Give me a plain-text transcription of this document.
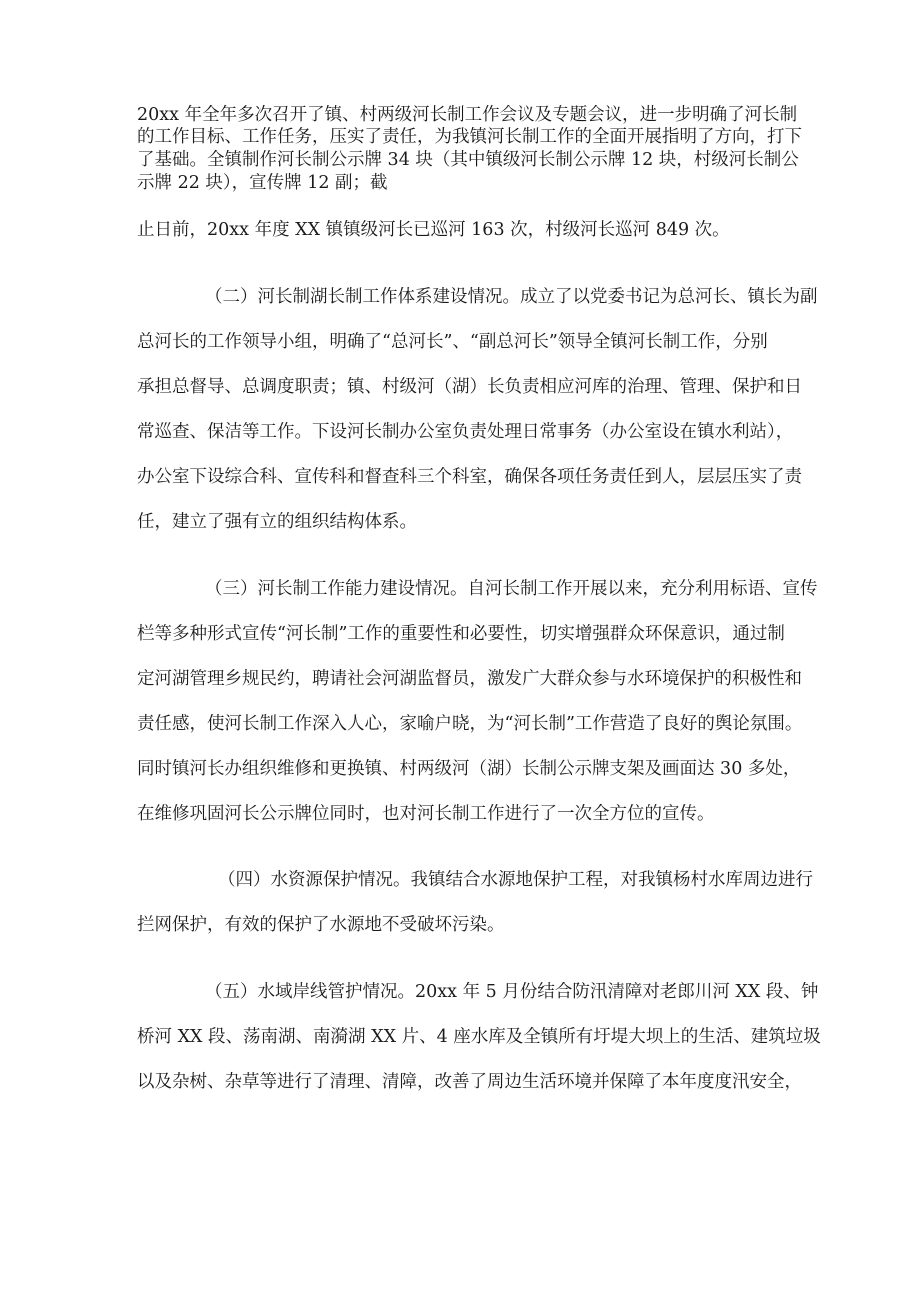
20xx 年全年多次召开了镇、村两级河长制工作会议及专题会议，进一步明确了河长制
的工作目标、工作任务，压实了责任，为我镇河长制工作的全面开展指明了方向，打下
了基础。全镇制作河长制公示牌 34 块（其中镇级河长制公示牌 12 块，村级河长制公
示牌 22 块），宣传牌 12 副；截
止日前，20xx 年度 XX 镇镇级河长已巡河 163 次，村级河长巡河 849 次。
（二）河长制湖长制工作体系建设情况。成立了以党委书记为总河长、镇长为副
总河长的工作领导小组，明确了“总河长”、“副总河长”领导全镇河长制工作，分别
承担总督导、总调度职责；镇、村级河（湖）长负责相应河库的治理、管理、保护和日
常巡查、保洁等工作。下设河长制办公室负责处理日常事务（办公室设在镇水利站），
办公室下设综合科、宣传科和督查科三个科室，确保各项任务责任到人，层层压实了责
任，建立了强有立的组织结构体系。
（三）河长制工作能力建设情况。自河长制工作开展以来，充分利用标语、宣传
栏等多种形式宣传“河长制”工作的重要性和必要性，切实增强群众环保意识，通过制
定河湖管理乡规民约，聘请社会河湖监督员，激发广大群众参与水环境保护的积极性和
责任感，使河长制工作深入人心，家喻户晓，为“河长制”工作营造了良好的舆论氛围。
同时镇河长办组织维修和更换镇、村两级河（湖）长制公示牌支架及画面达 30 多处，
在维修巩固河长公示牌位同时，也对河长制工作进行了一次全方位的宣传。
（四）水资源保护情况。我镇结合水源地保护工程，对我镇杨村水库周边进行
拦网保护，有效的保护了水源地不受破坏污染。
（五）水域岸线管护情况。20xx 年 5 月份结合防汛清障对老郎川河 XX 段、钟
桥河 XX 段、荡南湖、南漪湖 XX 片、4 座水库及全镇所有圩堤大坝上的生活、建筑垃圾
以及杂树、杂草等进行了清理、清障，改善了周边生活环境并保障了本年度度汛安全，
